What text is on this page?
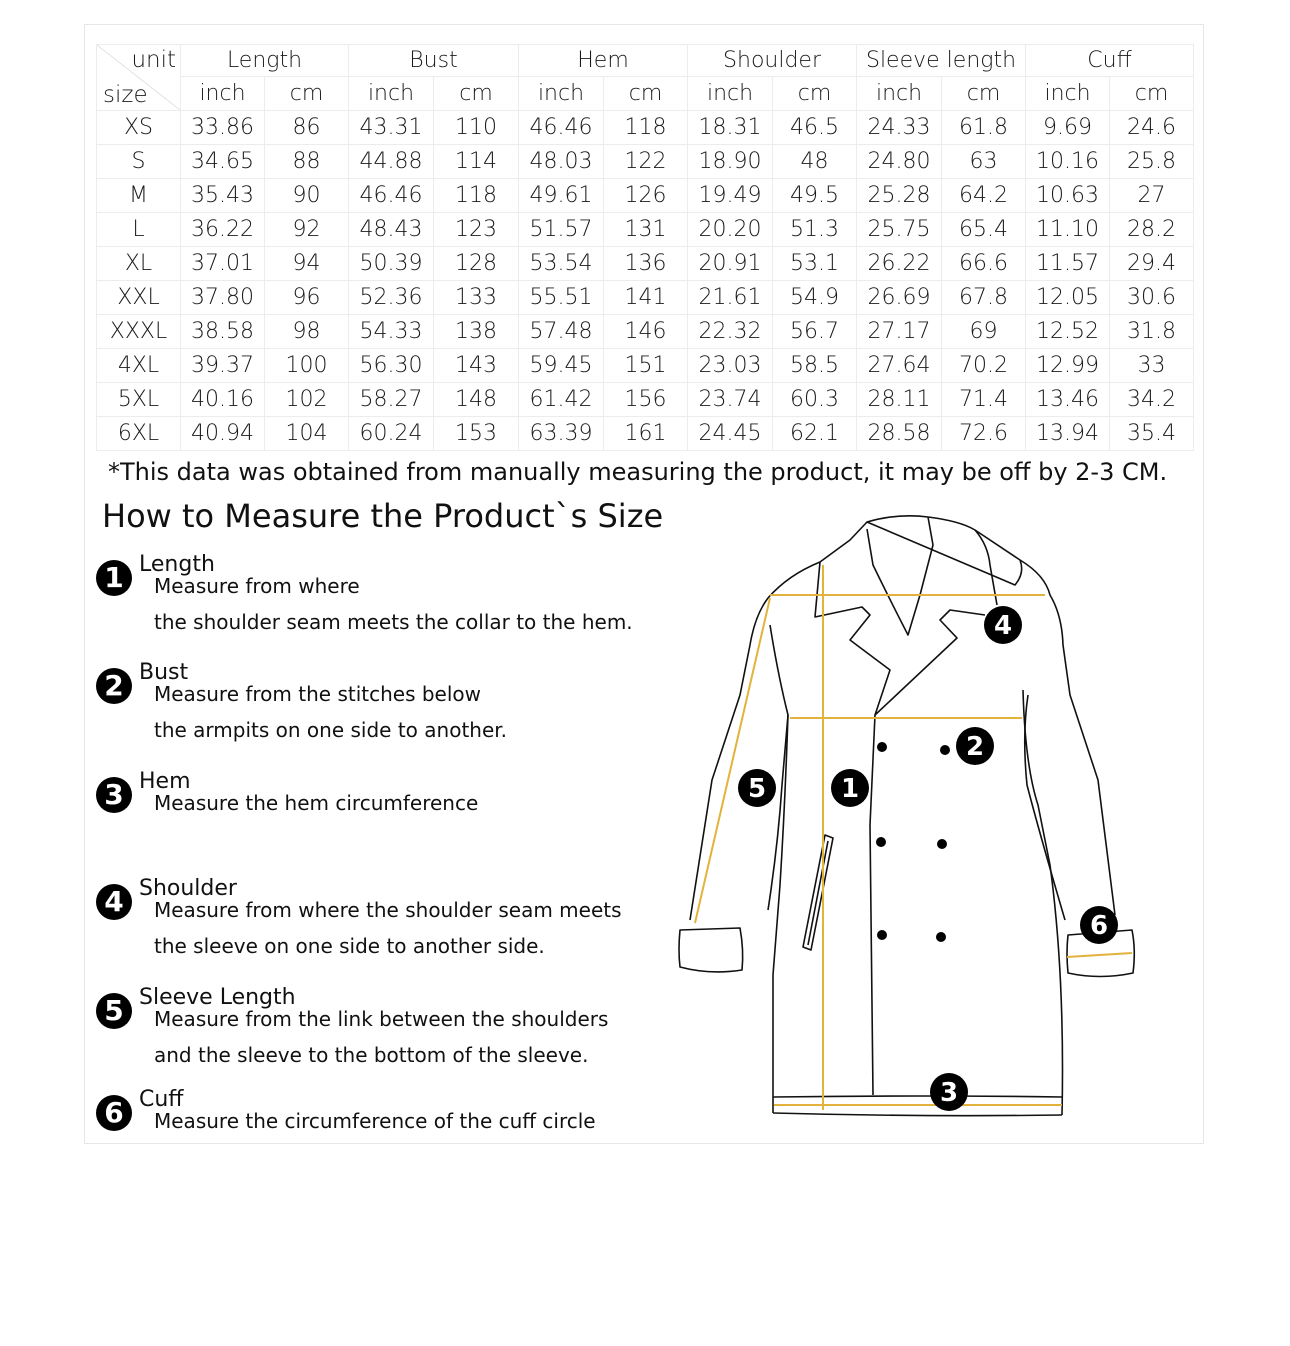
unit
size	Length		Bust		Hem		Shoulder		Sleeve length		Cuff	
	inch	cm	inch	cm	inch	cm	inch	cm	inch	cm	inch	cm
XS	33.86	86	43.31	110	46.46	118	18.31	46.5	24.33	61.8	9.69	24.6
S	34.65	88	44.88	114	48.03	122	18.90	48	24.80	63	10.16	25.8
M	35.43	90	46.46	118	49.61	126	19.49	49.5	25.28	64.2	10.63	27
L	36.22	92	48.43	123	51.57	131	20.20	51.3	25.75	65.4	11.10	28.2
XL	37.01	94	50.39	128	53.54	136	20.91	53.1	26.22	66.6	11.57	29.4
XXL	37.80	96	52.36	133	55.51	141	21.61	54.9	26.69	67.8	12.05	30.6
XXXL	38.58	98	54.33	138	57.48	146	22.32	56.7	27.17	69	12.52	31.8
4XL	39.37	100	56.30	143	59.45	151	23.03	58.5	27.64	70.2	12.99	33
5XL	40.16	102	58.27	148	61.42	156	23.74	60.3	28.11	71.4	13.46	34.2
6XL	40.94	104	60.24	153	63.39	161	24.45	62.1	28.58	72.6	13.94	35.4
*This data was obtained from manually measuring the product, it may be off by 2-3 CM.
How to Measure the Product`s Size
1 Length
Measure from where
the shoulder seam meets the collar to the hem.
2 Bust
Measure from the stitches below
the armpits on one side to another.
3 Hem
Measure the hem circumference
4 Shoulder
Measure from where the shoulder seam meets
the sleeve on one side to another side.
5 Sleeve Length
Measure from the link between the shoulders
and the sleeve to the bottom of the sleeve.
6 Cuff
Measure the circumference of the cuff circle
1
2
3
4
5
6
